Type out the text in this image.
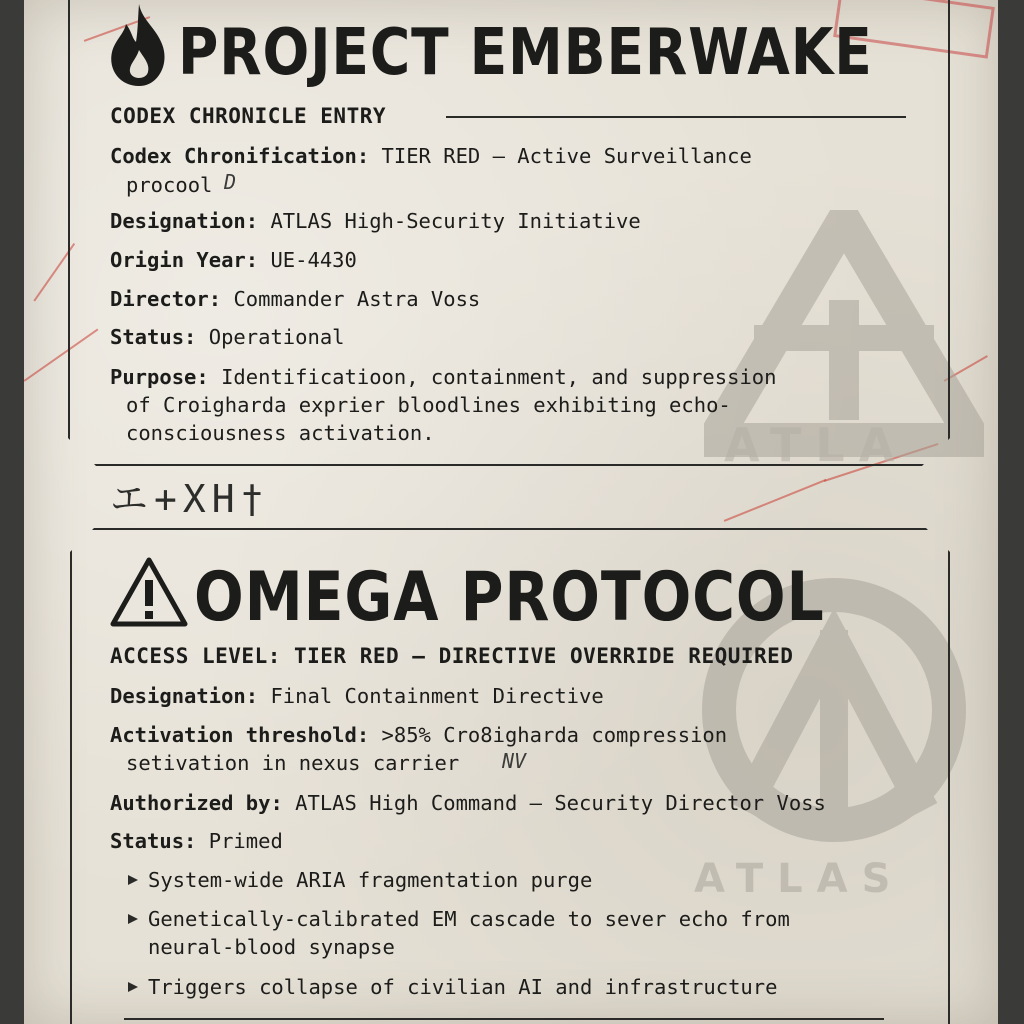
ATLA
ATLAS
PROJECT EMBERWAKE
CODEX CHRONICLE ENTRY
Codex Chronification: TIER RED — Active Surveillance
procool D
Designation: ATLAS High-Security Initiative
Origin Year: UE-4430
Director: Commander Astra Voss
Status: Operational
Purpose: Identificatioon, containment, and suppression
of Croigharda exprier bloodlines exhibiting echo-
consciousness activation.
エ+XH†
OMEGA PROTOCOL
ACCESS LEVEL: TIER RED — DIRECTIVE OVERRIDE REQUIRED
Designation: Final Containment Directive
Activation threshold: >85% Cro8igharda compression
setivation in nexus carrier NV
Authorized by: ATLAS High Command — Security Director Voss
Status: Primed
System-wide ARIA fragmentation purge
Genetically-calibrated EM cascade to sever echo from
neural-blood synapse
Triggers collapse of civilian AI and infrastructure
